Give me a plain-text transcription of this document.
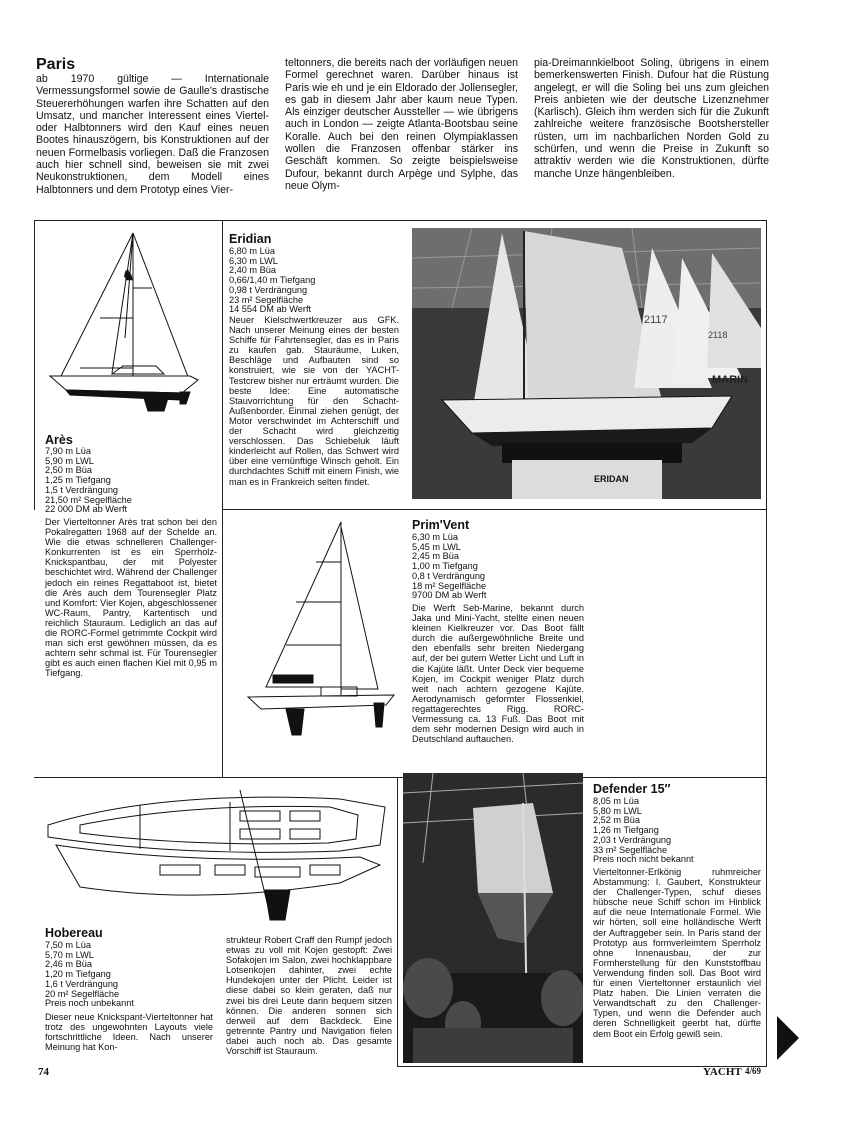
Paris
ab 1970 gültige — Internationale Vermessungsformel sowie de Gaulle's drastische Steuererhöhungen warfen ihre Schatten auf den Umsatz, und mancher Interessent eines Viertel- oder Halbtonners wird den Kauf eines neuen Bootes hinauszögern, bis Konstruktionen auf der neuen Formelbasis vorliegen. Daß die Franzosen auch hier schnell sind, beweisen sie mit zwei Neukonstruktionen, dem Modell eines Halbtonners und dem Prototyp eines Vier-
teltonners, die bereits nach der vorläufigen neuen Formel gerechnet waren. Darüber hinaus ist Paris wie eh und je ein Eldorado der Jollensegler, es gab in diesem Jahr aber kaum neue Typen. Als einziger deutscher Aussteller — wie übrigens auch in London — zeigte Atlanta-Bootsbau seine Koralle. Auch bei den reinen Olympiaklassen wollen die Franzosen offenbar stärker ins Geschäft kommen. So zeigte beispielsweise Dufour, bekannt durch Arpège und Sylphe, das neue Olym-
pia-Dreimannkielboot Soling, übrigens in einem bemerkenswerten Finish. Dufour hat die Rüstung angelegt, er will die Soling bei uns zum gleichen Preis anbieten wie der deutsche Lizenznehmer (Karlisch). Gleich ihm werden sich für die Zukunft zahlreiche weitere französische Bootshersteller rüsten, um im nachbarlichen Norden Gold zu schürfen, und wenn die Preise in Zukunft so attraktiv werden wie die Konstruktionen, dürfte manche Unze hängenbleiben.
♞
Arès
7,90 m Lüa
5,90 m LWL
2,50 m Büa
1,25 m Tiefgang
1,5 t Verdrängung
21,50 m² Segelfläche
22 000 DM ab Werft
Der Vierteltonner Arès trat schon bei den Pokalregatten 1968 auf der Schelde an. Wie die etwas schnelleren Challenger-Konkurrenten ist es ein Sperrholz-Knickspantbau, der mit Polyester beschichtet wird. Während der Challenger jedoch ein reines Regattaboot ist, bietet die Arès auch dem Tourensegler Platz und Komfort: Vier Kojen, abgeschlossener WC-Raum, Pantry, Kartentisch und reichlich Stauraum. Lediglich an das auf die RORC-Formel getrimmte Cockpit wird man sich erst gewöhnen müssen, da es achtern sehr schmal ist. Für Tourensegler gibt es auch einen flachen Kiel mit 0,95 m Tiefgang.
Eridian
6,80 m Lüa
6,30 m LWL
2,40 m Büa
0,66/1,40 m Tiefgang
0,98 t Verdrängung
23 m² Segelfläche
14 554 DM ab Werft
Neuer Kielschwertkreuzer aus GFK. Nach unserer Meinung eines der besten Schiffe für Fahrtensegler, das es in Paris zu kaufen gab. Stauräume, Luken, Beschläge und Aufbauten sind so konstruiert, wie sie von der YACHT-Testcrew bisher nur erträumt wurden. Die beste Idee: Eine automatische Stauvorrichtung für den Schacht-Außenborder. Einmal ziehen genügt, der Motor verschwindet im Achterschiff und der Schacht wird gleichzeitig verschlossen. Das Schiebeluk läuft kinderleicht auf Rollen, das Schwert wird über eine vernünftige Winsch geholt. Ein durchdachtes Schiff mit einem Finish, wie man es in Frankreich selten findet.
2117
2118
MARIN
ERIDAN
Prim'Vent
6,30 m Lüa
5,45 m LWL
2,45 m Büa
1,00 m Tiefgang
0,8 t Verdrängung
18 m² Segelfläche
9700 DM ab Werft
Die Werft Seb-Marine, bekannt durch Jaka und Mini-Yacht, stellte einen neuen kleinen Kielkreuzer vor. Das Boot fällt durch die außergewöhnliche Breite und den ebenfalls sehr breiten Niedergang auf, der bei gutem Wetter Licht und Luft in die Kajüte läßt. Unter Deck vier bequeme Kojen, im Cockpit weniger Platz durch weit nach achtern gezogene Kajüte. Aerodynamisch geformter Flossenkiel, regattagerechtes Rigg. RORC-Vermessung ca. 13 Fuß. Das Boot mit dem sehr modernen Design wird auch in Deutschland auftauchen.
Hobereau
7,50 m Lüa
5,70 m LWL
2,46 m Büa
1,20 m Tiefgang
1,6 t Verdrängung
20 m² Segelfläche
Preis noch unbekannt
Dieser neue Knickspant-Vierteltonner hat trotz des ungewohnten Layouts viele fortschrittliche Ideen. Nach unserer Meinung hat Kon-
strukteur Robert Craff den Rumpf jedoch etwas zu voll mit Kojen gestopft: Zwei Sofakojen im Salon, zwei hochklappbare Lotsenkojen dahinter, zwei echte Hundekojen unter der Plicht. Leider ist diese dabei so klein geraten, daß nur zwei bis drei Leute darin bequem sitzen können. Die anderen sonnen sich derweil auf dem Backdeck. Eine getrennte Pantry und Navigation fielen dabei auch noch ab. Das gesamte Vorschiff ist Stauraum.
Defender 15″
8,05 m Lüa
5,80 m LWL
2,52 m Büa
1,26 m Tiefgang
2,03 t Verdrängung
33 m² Segelfläche
Preis noch nicht bekannt
Vierteltonner-Erlkönig ruhmreicher Abstammung: I. Gaubert, Konstrukteur der Challenger-Typen, schuf dieses hübsche neue Schiff schon im Hinblick auf die neue Internationale Formel. Wie wir hörten, soll eine holländische Werft der Auftraggeber sein. In Paris stand der Prototyp aus formverleimtem Sperrholz ohne Innenausbau, der zur Formherstellung für den Kunststoffbau Verwendung finden soll. Das Boot wird für einen Vierteltonner erstaunlich viel Platz haben. Die Linien verraten die Verwandtschaft zu den Challenger-Typen, und wenn die Defender auch deren Schnelligkeit geerbt hat, dürfte dem Boot ein Erfolg gewiß sein.
74	YACHT 4/69
